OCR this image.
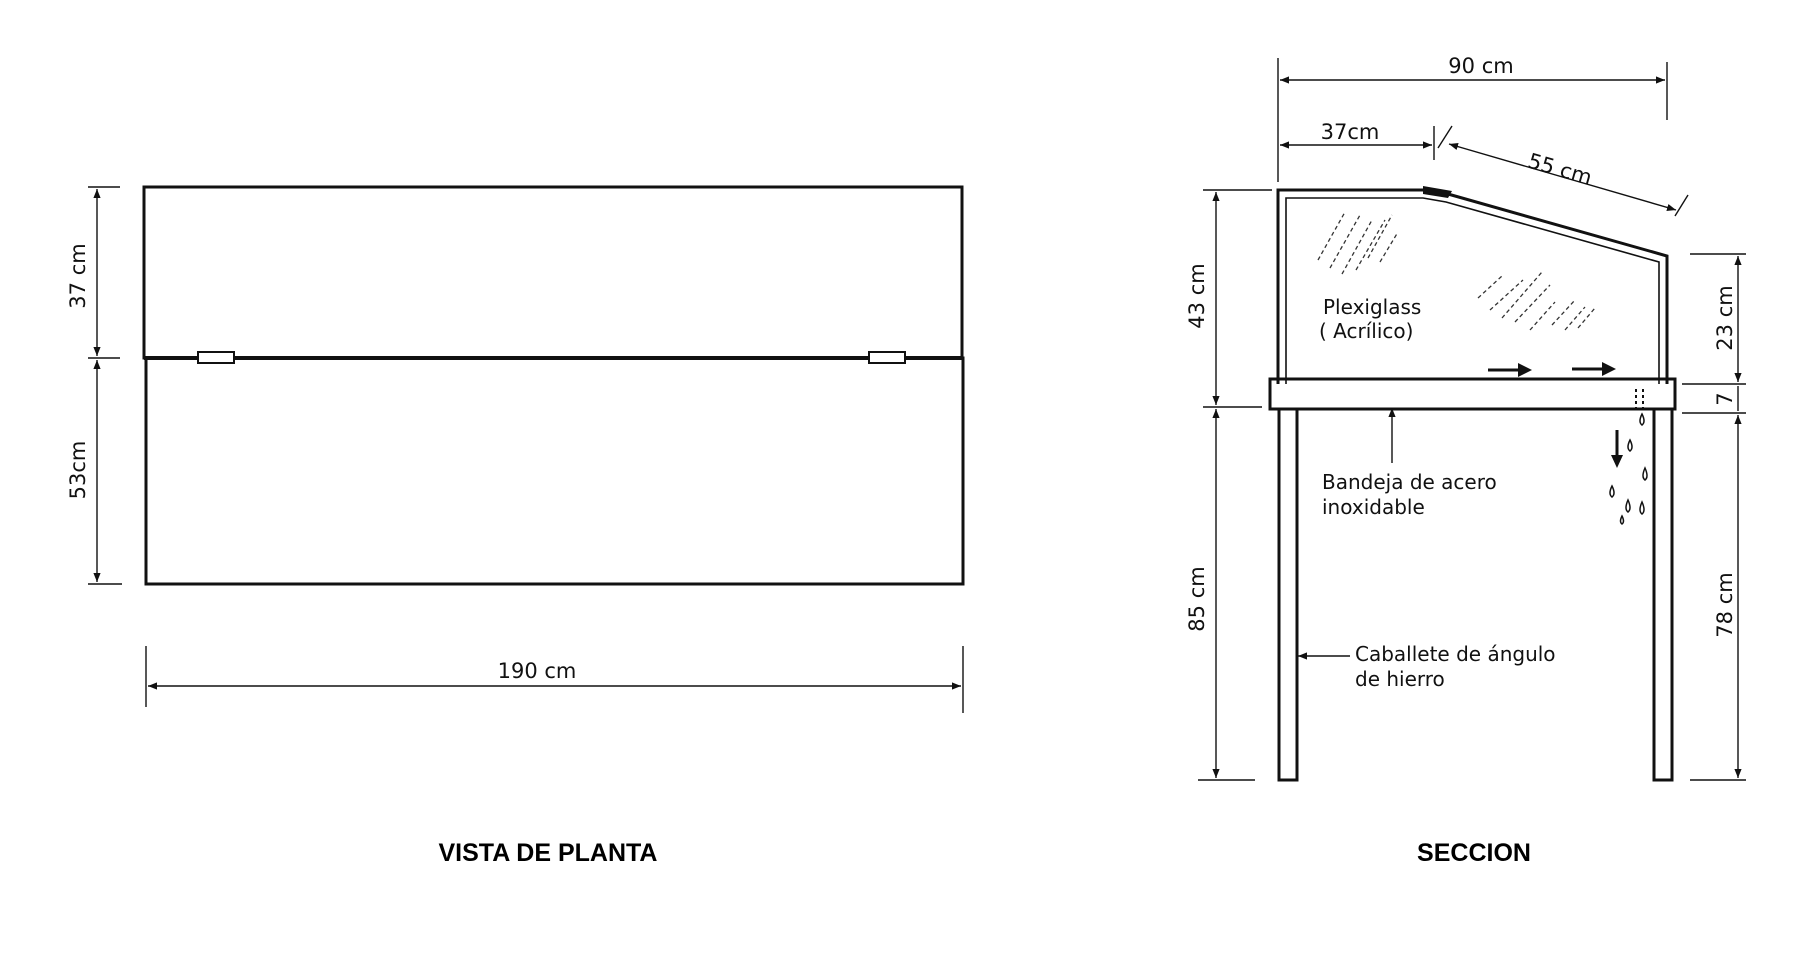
37 cm
53cm
190 cm
VISTA DE PLANTA
Plexiglass
( Acrílico)
Bandeja de acero
inoxidable
Caballete de ángulo
de hierro
90 cm
37cm
55 cm
43 cm
85 cm
23 cm
7
78 cm
SECCION
